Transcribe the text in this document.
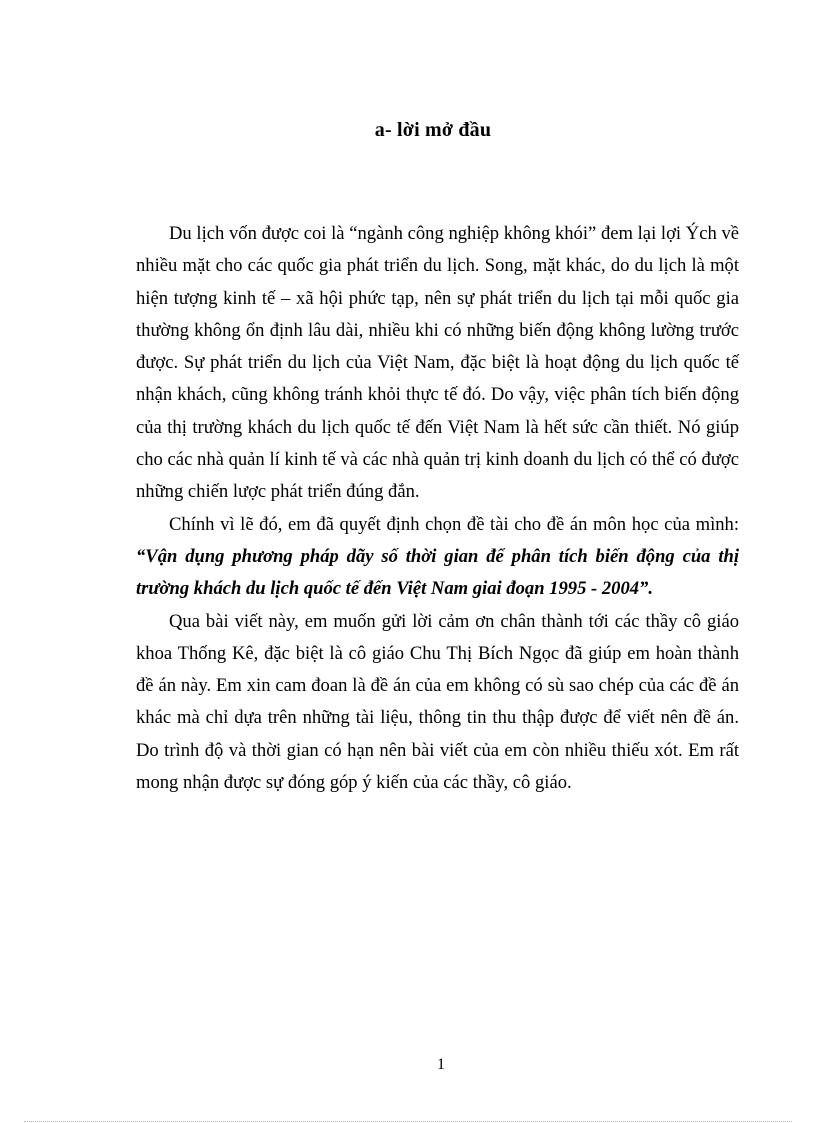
a- lời mở đầu

Du lịch vốn được coi là “ngành công nghiệp không khói” đem lại lợi Ých về nhiều mặt cho các quốc gia phát triển du lịch. Song, mặt khác, do du lịch là một hiện tượng kinh tế – xã hội phức tạp, nên sự phát triển du lịch tại mỗi quốc gia thường không ổn định lâu dài, nhiều khi có những biến động không lường trước được. Sự phát triển du lịch của Việt Nam, đặc biệt là hoạt động du lịch quốc tế nhận khách, cũng không tránh khỏi thực tế đó. Do vậy, việc phân tích biến động của thị trường khách du lịch quốc tế đến Việt Nam là hết sức cần thiết. Nó giúp cho các nhà quản lí kinh tế và các nhà quản trị kinh doanh du lịch có thể có được những chiến lược phát triển đúng đắn.

Chính vì lẽ đó, em đã quyết định chọn đề tài cho đề án môn học của mình: “Vận dụng phương pháp dãy số thời gian để phân tích biến động của thị trường khách du lịch quốc tế đến Việt Nam giai đoạn 1995 - 2004”.

Qua bài viết này, em muốn gửi lời cảm ơn chân thành tới các thầy cô giáo khoa Thống Kê, đặc biệt là cô giáo Chu Thị Bích Ngọc đã giúp em hoàn thành đề án này. Em xin cam đoan là đề án của em không có sù sao chép của các đề án khác mà chỉ dựa trên những tài liệu, thông tin thu thập được để viết nên đề án. Do trình độ và thời gian có hạn nên bài viết của em còn nhiều thiếu xót. Em rất mong nhận được sự đóng góp ý kiến của các thầy, cô giáo.

1
